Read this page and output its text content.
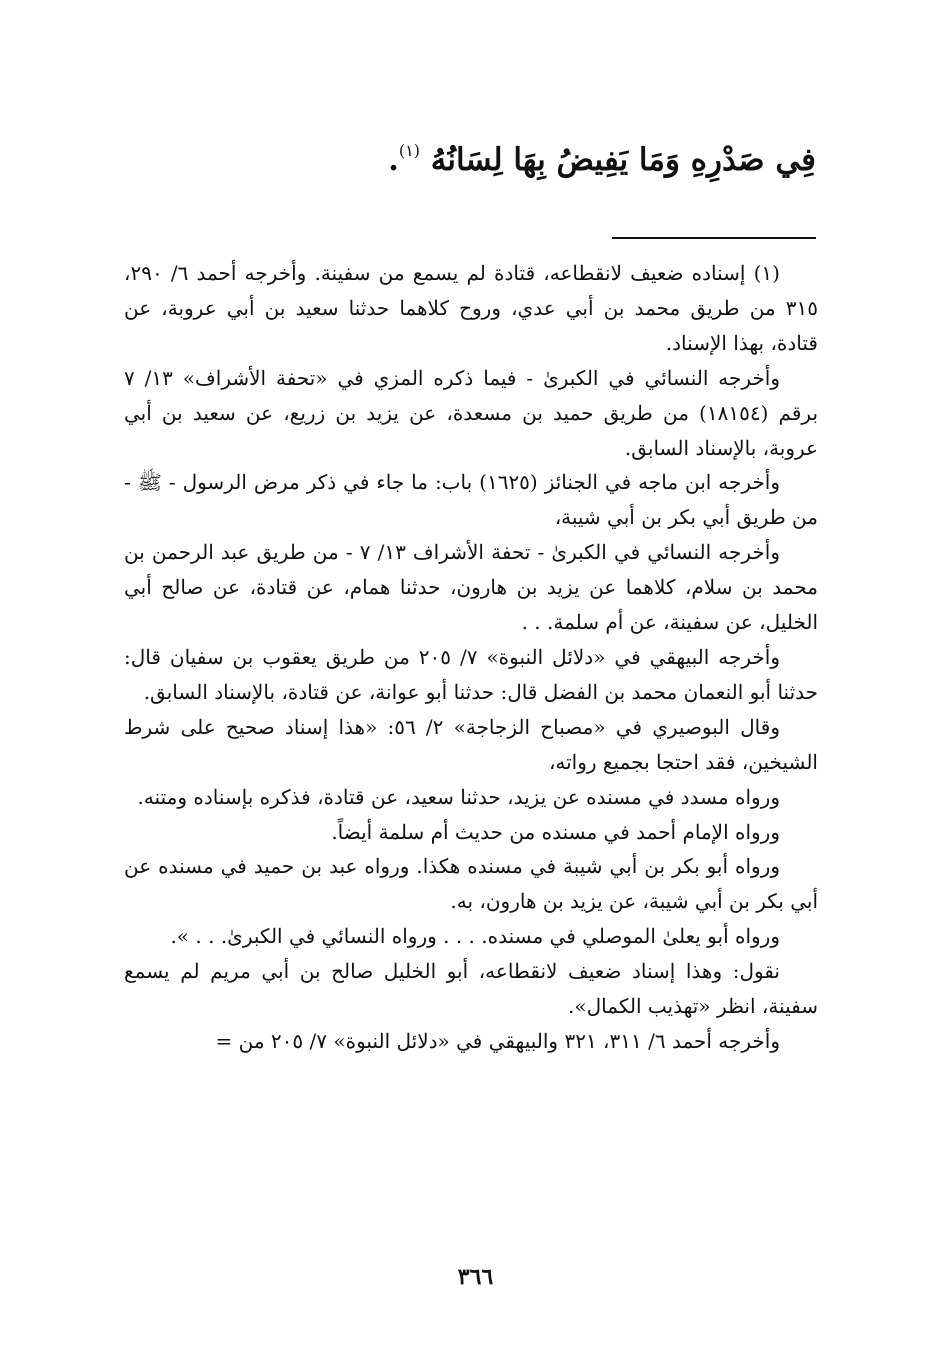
فِي صَدْرِهِ وَمَا يَفِيضُ بِهَا لِسَانُهُ $^{(١)}$.

(١) إسناده ضعيف لانقطاعه، قتادة لم يسمع من سفينة. وأخرجه أحمد ٦/ ٢٩٠، ٣١٥ من طريق محمد بن أبي عدي، وروح كلاهما حدثنا سعيد بن أبي عروبة، عن قتادة، بهذا الإسناد.

وأخرجه النسائي في الكبرىٰ - فيما ذكره المزي في «تحفة الأشراف» ١٣/ ٧ برقم (١٨١٥٤) من طريق حميد بن مسعدة، عن يزيد بن زريع، عن سعيد بن أبي عروبة، بالإسناد السابق.

وأخرجه ابن ماجه في الجنائز (١٦٢٥) باب: ما جاء في ذكر مرض الرسول - ﷺ - من طريق أبي بكر بن أبي شيبة،

وأخرجه النسائي في الكبرىٰ - تحفة الأشراف ١٣/ ٧ - من طريق عبد الرحمن بن محمد بن سلام، كلاهما عن يزيد بن هارون، حدثنا همام، عن قتادة، عن صالح أبي الخليل، عن سفينة، عن أم سلمة. . .

وأخرجه البيهقي في «دلائل النبوة» ٧/ ٢٠٥ من طريق يعقوب بن سفيان قال: حدثنا أبو النعمان محمد بن الفضل قال: حدثنا أبو عوانة، عن قتادة، بالإسناد السابق.

وقال البوصيري في «مصباح الزجاجة» ٢/ ٥٦: «هذا إسناد صحيح على شرط الشيخين، فقد احتجا بجميع رواته،

ورواه مسدد في مسنده عن يزيد، حدثنا سعيد، عن قتادة، فذكره بإسناده ومتنه.

ورواه الإمام أحمد في مسنده من حديث أم سلمة أيضاً.

ورواه أبو بكر بن أبي شيبة في مسنده هكذا. ورواه عبد بن حميد في مسنده عن أبي بكر بن أبي شيبة، عن يزيد بن هارون، به.

ورواه أبو يعلىٰ الموصلي في مسنده. . . . ورواه النسائي في الكبرىٰ. . . ».

نقول: وهذا إسناد ضعيف لانقطاعه، أبو الخليل صالح بن أبي مريم لم يسمع سفينة، انظر «تهذيب الكمال».

وأخرجه أحمد ٦/ ٣١١، ٣٢١ والبيهقي في «دلائل النبوة» ٧/ ٢٠٥ من =

٣٦٦
